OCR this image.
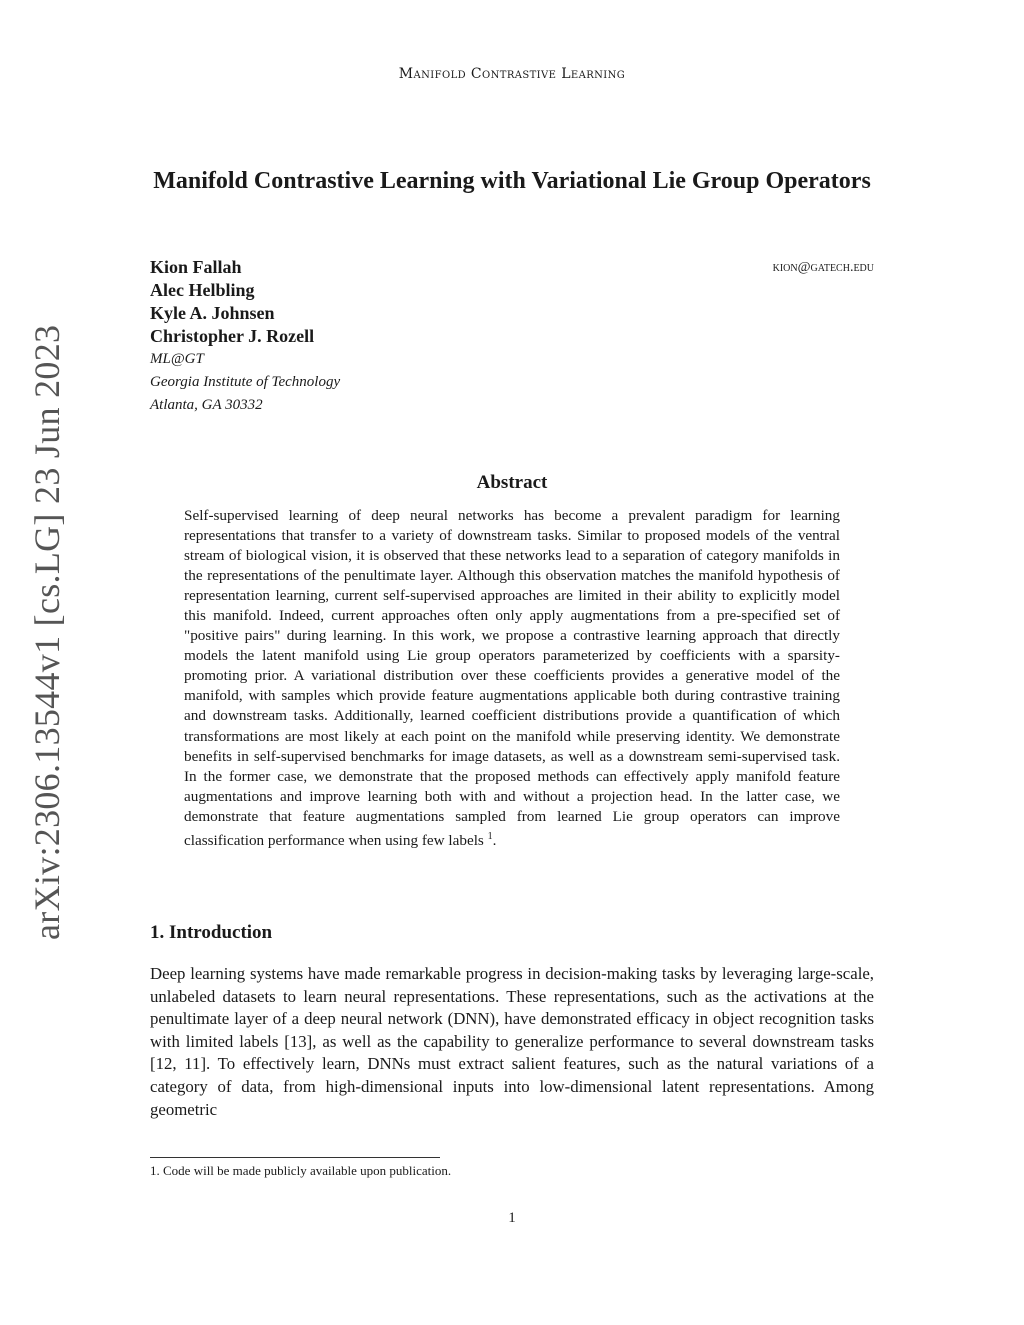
Manifold Contrastive Learning
arXiv:2306.13544v1 [cs.LG] 23 Jun 2023
Manifold Contrastive Learning with Variational Lie Group Operators
Kion Fallah
Alec Helbling
Kyle A. Johnsen
Christopher J. Rozell
ML@GT
Georgia Institute of Technology
Atlanta, GA 30332
kion@gatech.edu
Abstract
Self-supervised learning of deep neural networks has become a prevalent paradigm for learning representations that transfer to a variety of downstream tasks. Similar to proposed models of the ventral stream of biological vision, it is observed that these networks lead to a separation of category manifolds in the representations of the penultimate layer. Although this observation matches the manifold hypothesis of representation learning, current self-supervised approaches are limited in their ability to explicitly model this manifold. Indeed, current approaches often only apply augmentations from a pre-specified set of "positive pairs" during learning. In this work, we propose a contrastive learning approach that directly models the latent manifold using Lie group operators parameterized by coefficients with a sparsity-promoting prior. A variational distribution over these coefficients provides a generative model of the manifold, with samples which provide feature augmentations applicable both during contrastive training and downstream tasks. Additionally, learned coefficient distributions provide a quantification of which transformations are most likely at each point on the manifold while preserving identity. We demonstrate benefits in self-supervised benchmarks for image datasets, as well as a downstream semi-supervised task. In the former case, we demonstrate that the proposed methods can effectively apply manifold feature augmentations and improve learning both with and without a projection head. In the latter case, we demonstrate that feature augmentations sampled from learned Lie group operators can improve classification performance when using few labels $^1$.
1. Introduction
Deep learning systems have made remarkable progress in decision-making tasks by leveraging large-scale, unlabeled datasets to learn neural representations. These representations, such as the activations at the penultimate layer of a deep neural network (DNN), have demonstrated efficacy in object recognition tasks with limited labels [13], as well as the capability to generalize performance to several downstream tasks [12, 11]. To effectively learn, DNNs must extract salient features, such as the natural variations of a category of data, from high-dimensional inputs into low-dimensional latent representations. Among geometric
1. Code will be made publicly available upon publication.
1
